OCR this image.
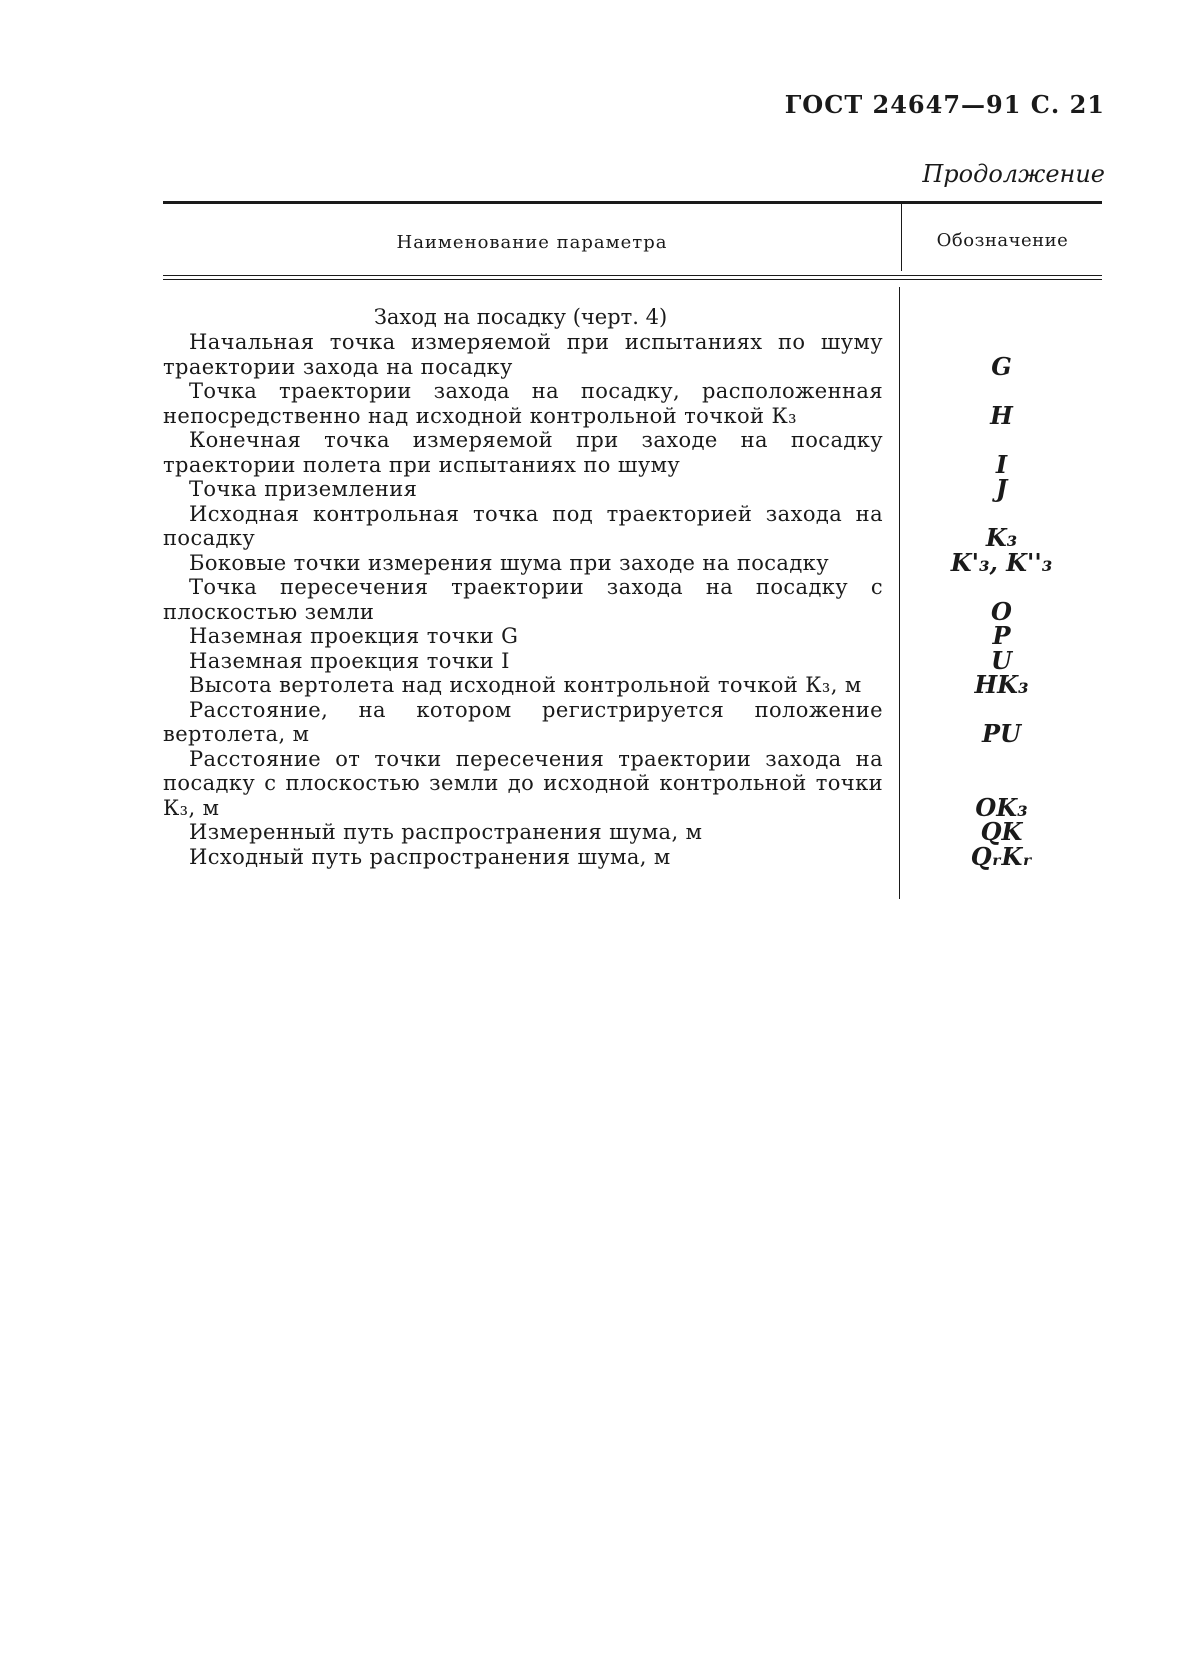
ГОСТ 24647—91 С. 21
Продолжение
Наименование параметра	Обозначение
Заход на посадку (черт. 4)
Начальная точка измеряемой при испытаниях по шуму траектории захода на посадку	G
Точка траектории захода на посадку, расположенная непосредственно над исходной контрольной точкой К₃	H
Конечная точка измеряемой при заходе на посадку траектории полета при испытаниях по шуму	I
Точка приземления	J
Исходная контрольная точка под траекторией захода на посадку	K₃
Боковые точки измерения шума при заходе на посадку	K'₃, K''₃
Точка пересечения траектории захода на посадку с плоскостью земли	O
Наземная проекция точки G	P
Наземная проекция точки I	U
Высота вертолета над исходной контрольной точкой К₃, м	HK₃
Расстояние, на котором регистрируется положение вертолета, м	PU
Расстояние от точки пересечения траектории захода на посадку с плоскостью земли до исходной контрольной точки К₃, м	OK₃
Измеренный путь распространения шума, м	QK
Исходный путь распространения шума, м	QᵣKᵣ
